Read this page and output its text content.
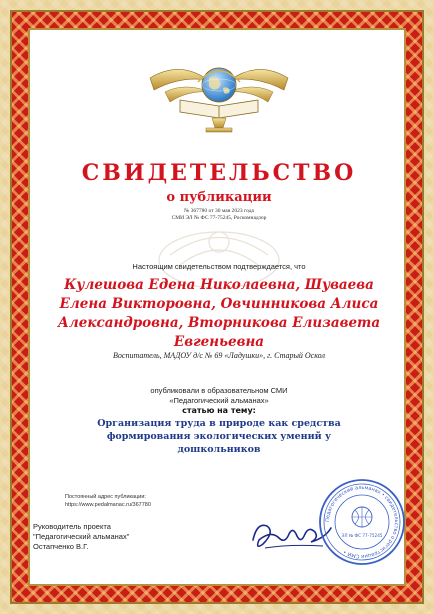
СВИДЕТЕЛЬСТВО

о публикации

№ 367780 от 30 мая 2023 года

СМИ ЭЛ № ФС 77-75245, Роскомнадзор

Настоящим свидетельством подтверждается, что

Кулешова Едена Николаевна, Шуваева Елена Викторовна, Овчинникова Алиса Александровна, Вторникова Елизавета Евгеньевна

Воспитатель, МАДОУ д/с № 69 «Ладушки», г. Старый Оскол

опубликовали в образовательном СМИ

«Педагогический альманах»

статью на тему:

Организация труда в природе как средства формирования экологических умений у дошкольников

Постоянный адрес публикации:

https://www.pedalmanac.ru/367780

Руководитель проекта
"Педагогический альманах"
Остапченко В.Г.
Педагогический альманах • свидетельство о регистрации СМИ •
ЭЛ № ФС 77-75245
